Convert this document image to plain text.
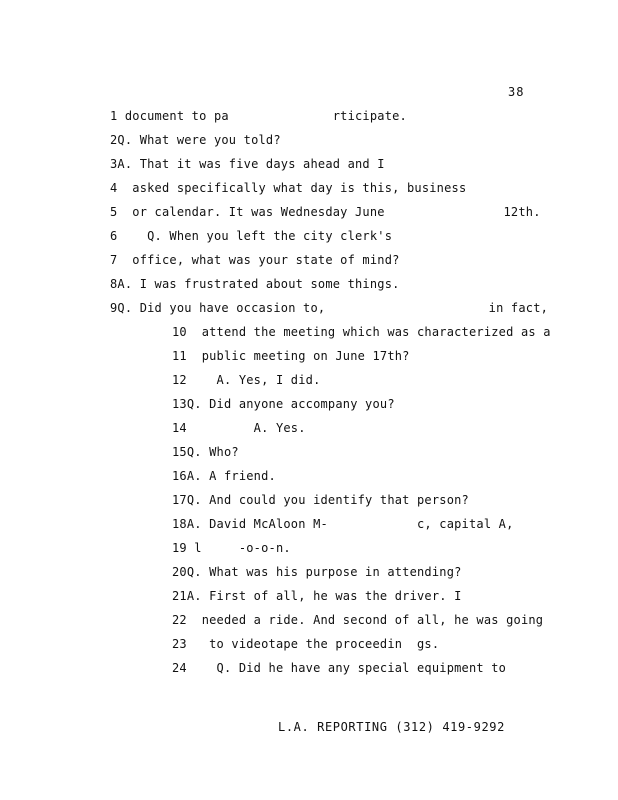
38
1 document to pa              rticipate.
2Q. What were you told?
3A. That it was five days ahead and I
4  asked specifically what day is this, business
5  or calendar. It was Wednesday June                12th.
6    Q. When you left the city clerk's
7  office, what was your state of mind?
8A. I was frustrated about some things.
9Q. Did you have occasion to,                      in fact,
10  attend the meeting which was characterized as a
11  public meeting on June 17th?
12    A. Yes, I did.
13Q. Did anyone accompany you?
14         A. Yes.
15Q. Who?
16A. A friend.
17Q. And could you identify that person?
18A. David McAloon M-            c, capital A,
19 l     -o-o-n.
20Q. What was his purpose in attending?
21A. First of all, he was the driver. I
22  needed a ride. And second of all, he was going
23   to videotape the proceedin  gs.
24    Q. Did he have any special equipment to
L.A. REPORTING (312) 419-9292
